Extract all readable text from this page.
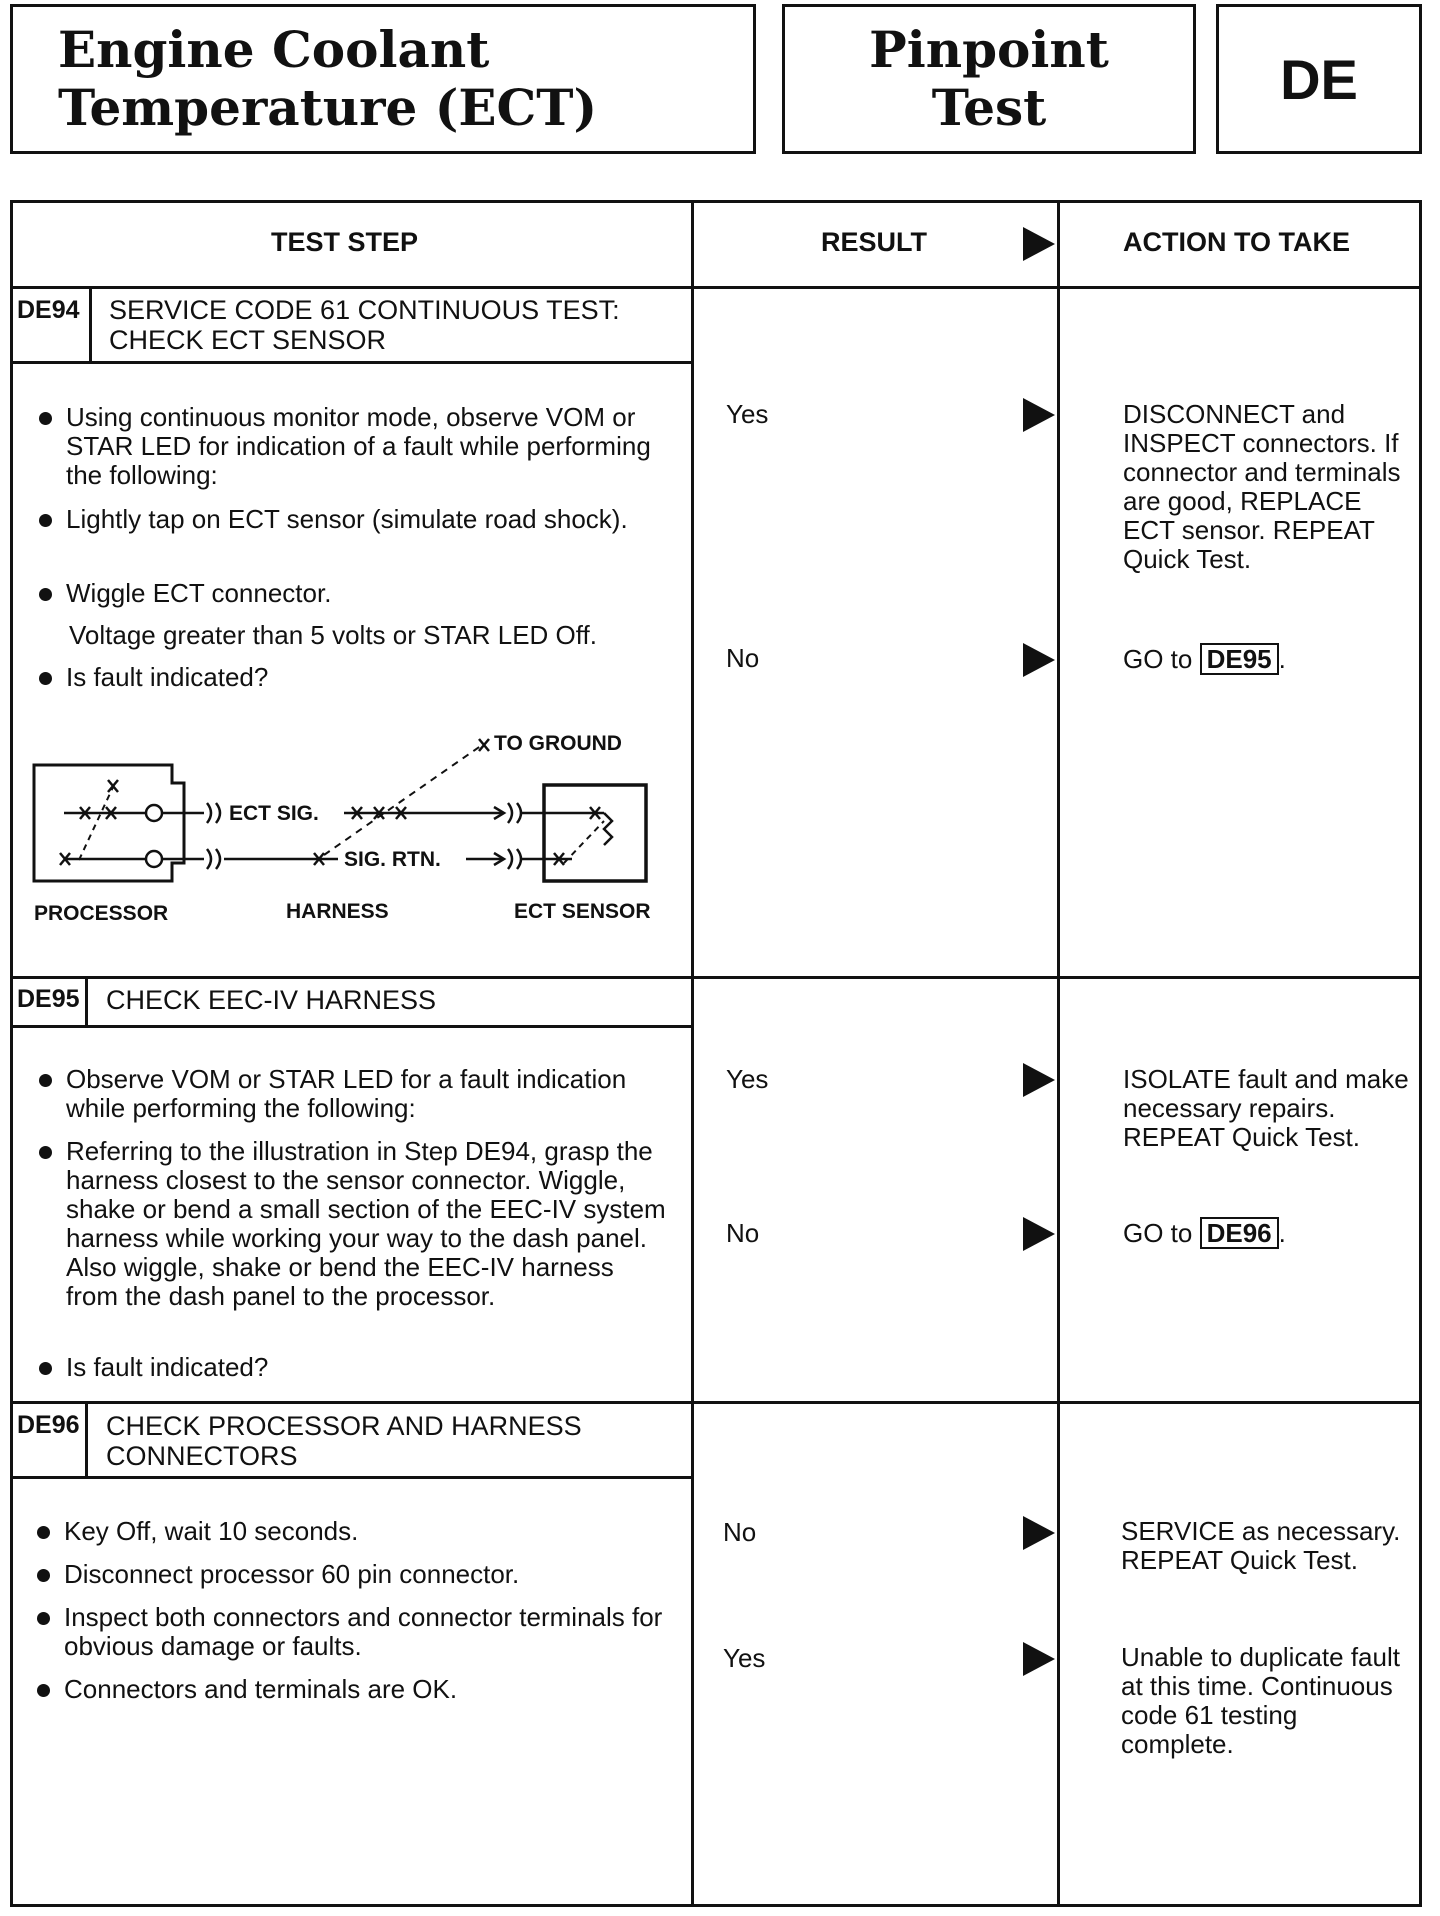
Engine Coolant
Temperature (ECT)
Pinpoint
Test	DE
TEST STEP	RESULT	ACTION TO TAKE
DE94 SERVICE CODE 61 CONTINUOUS TEST:
CHECK ECT SENSOR
Using continuous monitor mode, observe VOM or STAR LED for indication of a fault while performing the following:
Lightly tap on ECT sensor (simulate road shock).
Wiggle ECT connector.
Voltage greater than 5 volts or STAR LED Off.
Is fault indicated?
Yes	DISCONNECT and INSPECT connectors. If connector and terminals are good, REPLACE ECT sensor. REPEAT Quick Test.
No	GO to DE95 .
DE95 CHECK EEC-IV HARNESS
Observe VOM or STAR LED for a fault indication while performing the following:
Referring to the illustration in Step DE94, grasp the harness closest to the sensor connector. Wiggle, shake or bend a small section of the EEC-IV system harness while working your way to the dash panel. Also wiggle, shake or bend the EEC-IV harness from the dash panel to the processor.
Is fault indicated?
Yes	ISOLATE fault and make necessary repairs. REPEAT Quick Test.
No	GO to DE96 .
DE96 CHECK PROCESSOR AND HARNESS
CONNECTORS
Key Off, wait 10 seconds.
Disconnect processor 60 pin connector.
Inspect both connectors and connector terminals for obvious damage or faults.
Connectors and terminals are OK.
No	SERVICE as necessary. REPEAT Quick Test.
Yes	Unable to duplicate fault at this time. Continuous code 61 testing complete.
TO GROUND
ECT SIG.
SIG. RTN.
PROCESSOR	HARNESS	ECT SENSOR
